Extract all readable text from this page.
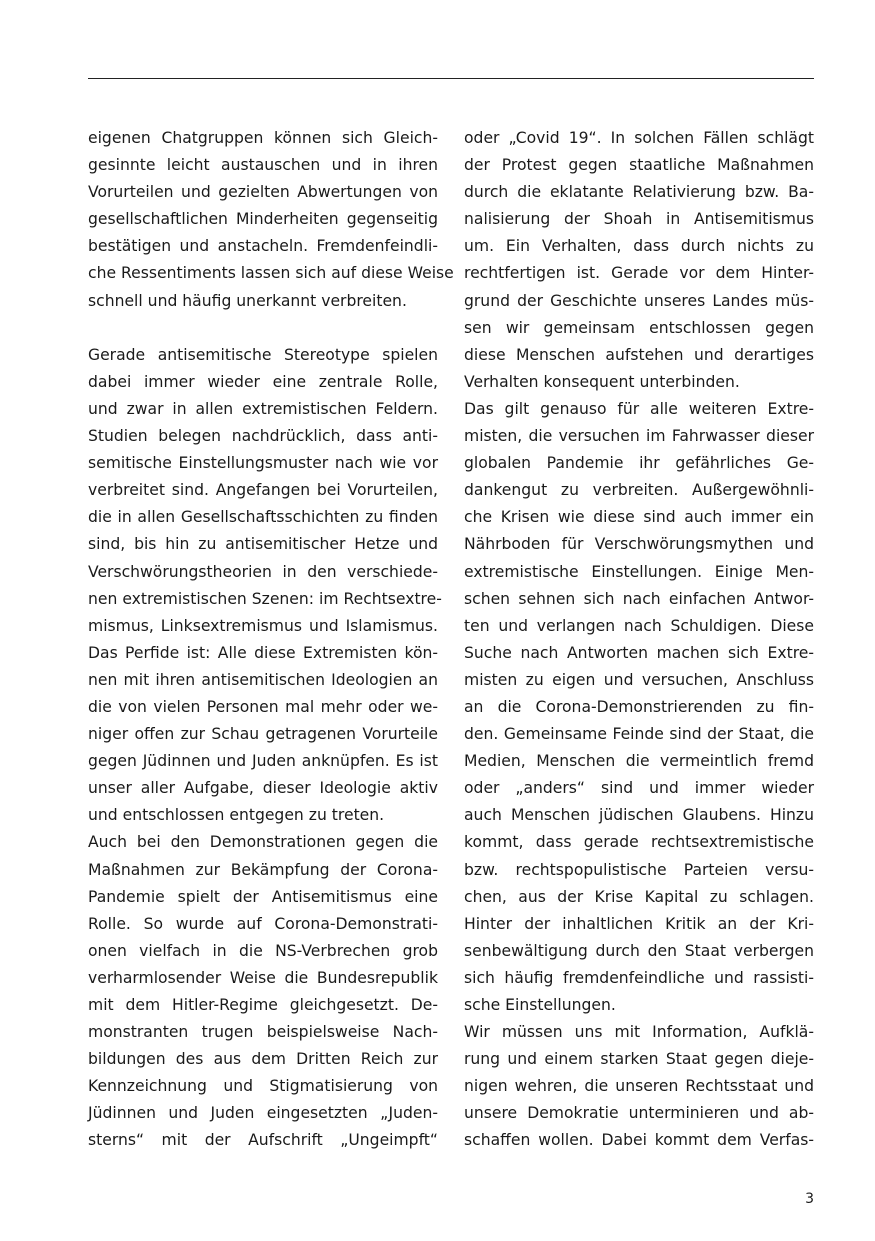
eigenen Chatgruppen können sich Gleich-
gesinnte leicht austauschen und in ihren
Vorurteilen und gezielten Abwertungen von
gesellschaftlichen Minderheiten gegenseitig
bestätigen und anstacheln. Fremdenfeindli-
che Ressentiments lassen sich auf diese Weise
schnell und häufig unerkannt verbreiten.
Gerade antisemitische Stereotype spielen
dabei immer wieder eine zentrale Rolle,
und zwar in allen extremistischen Feldern.
Studien belegen nachdrücklich, dass anti-
semitische Einstellungsmuster nach wie vor
verbreitet sind. Angefangen bei Vorurteilen,
die in allen Gesellschaftsschichten zu finden
sind, bis hin zu antisemitischer Hetze und
Verschwörungstheorien in den verschiede-
nen extremistischen Szenen: im Rechtsextre-
mismus, Linksextremismus und Islamismus.
Das Perfide ist: Alle diese Extremisten kön-
nen mit ihren antisemitischen Ideologien an
die von vielen Personen mal mehr oder we-
niger offen zur Schau getragenen Vorurteile
gegen Jüdinnen und Juden anknüpfen. Es ist
unser aller Aufgabe, dieser Ideologie aktiv
und entschlossen entgegen zu treten.
Auch bei den Demonstrationen gegen die
Maßnahmen zur Bekämpfung der Corona-
Pandemie spielt der Antisemitismus eine
Rolle. So wurde auf Corona-Demonstrati-
onen vielfach in die NS-Verbrechen grob
verharmlosender Weise die Bundesrepublik
mit dem Hitler-Regime gleichgesetzt. De-
monstranten trugen beispielsweise Nach-
bildungen des aus dem Dritten Reich zur
Kennzeichnung und Stigmatisierung von
Jüdinnen und Juden eingesetzten „Juden-
sterns“ mit der Aufschrift „Ungeimpft“
oder „Covid 19“. In solchen Fällen schlägt
der Protest gegen staatliche Maßnahmen
durch die eklatante Relativierung bzw. Ba-
nalisierung der Shoah in Antisemitismus
um. Ein Verhalten, dass durch nichts zu
rechtfertigen ist. Gerade vor dem Hinter-
grund der Geschichte unseres Landes müs-
sen wir gemeinsam entschlossen gegen
diese Menschen aufstehen und derartiges
Verhalten konsequent unterbinden.
Das gilt genauso für alle weiteren Extre-
misten, die versuchen im Fahrwasser dieser
globalen Pandemie ihr gefährliches Ge-
dankengut zu verbreiten. Außergewöhnli-
che Krisen wie diese sind auch immer ein
Nährboden für Verschwörungsmythen und
extremistische Einstellungen. Einige Men-
schen sehnen sich nach einfachen Antwor-
ten und verlangen nach Schuldigen. Diese
Suche nach Antworten machen sich Extre-
misten zu eigen und versuchen, Anschluss
an die Corona-Demonstrierenden zu fin-
den. Gemeinsame Feinde sind der Staat, die
Medien, Menschen die vermeintlich fremd
oder „anders“ sind und immer wieder
auch Menschen jüdischen Glaubens. Hinzu
kommt, dass gerade rechtsextremistische
bzw. rechtspopulistische Parteien versu-
chen, aus der Krise Kapital zu schlagen.
Hinter der inhaltlichen Kritik an der Kri-
senbewältigung durch den Staat verbergen
sich häufig fremdenfeindliche und rassisti-
sche Einstellungen.
Wir müssen uns mit Information, Aufklä-
rung und einem starken Staat gegen dieje-
nigen wehren, die unseren Rechtsstaat und
unsere Demokratie unterminieren und ab-
schaffen wollen. Dabei kommt dem Verfas-
3
